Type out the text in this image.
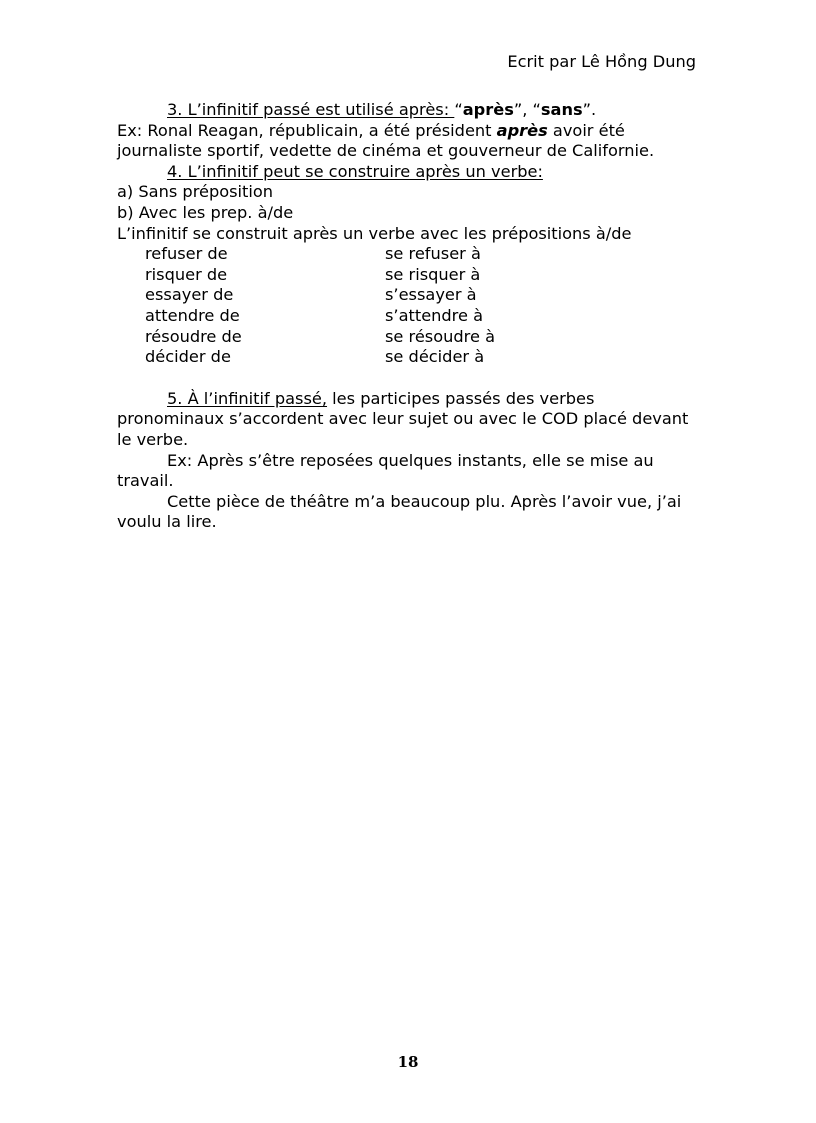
Ecrit par Lê Hồng Dung

3. L’infinitif passé est utilisé après: “après”, “sans”.

Ex: Ronal Reagan, républicain, a été président après avoir été

journaliste sportif, vedette de cinéma et gouverneur de Californie.

4. L’infinitif peut se construire après un verbe:

a) Sans préposition

b) Avec les prep. à/de

L’infinitif se construit après un verbe avec les prépositions à/de

refuser de	se refuser à
risquer de	se risquer à
essayer de	s’essayer à
attendre de	s’attendre à
résoudre de	se résoudre à
décider de	se décider à

5. À l’infinitif passé, les participes passés des verbes

pronominaux s’accordent avec leur sujet ou avec le COD placé devant

le verbe.

Ex: Après s’être reposées quelques instants, elle se mise au

travail.

Cette pièce de théâtre m’a beaucoup plu. Après l’avoir vue, j’ai

voulu la lire.

18
